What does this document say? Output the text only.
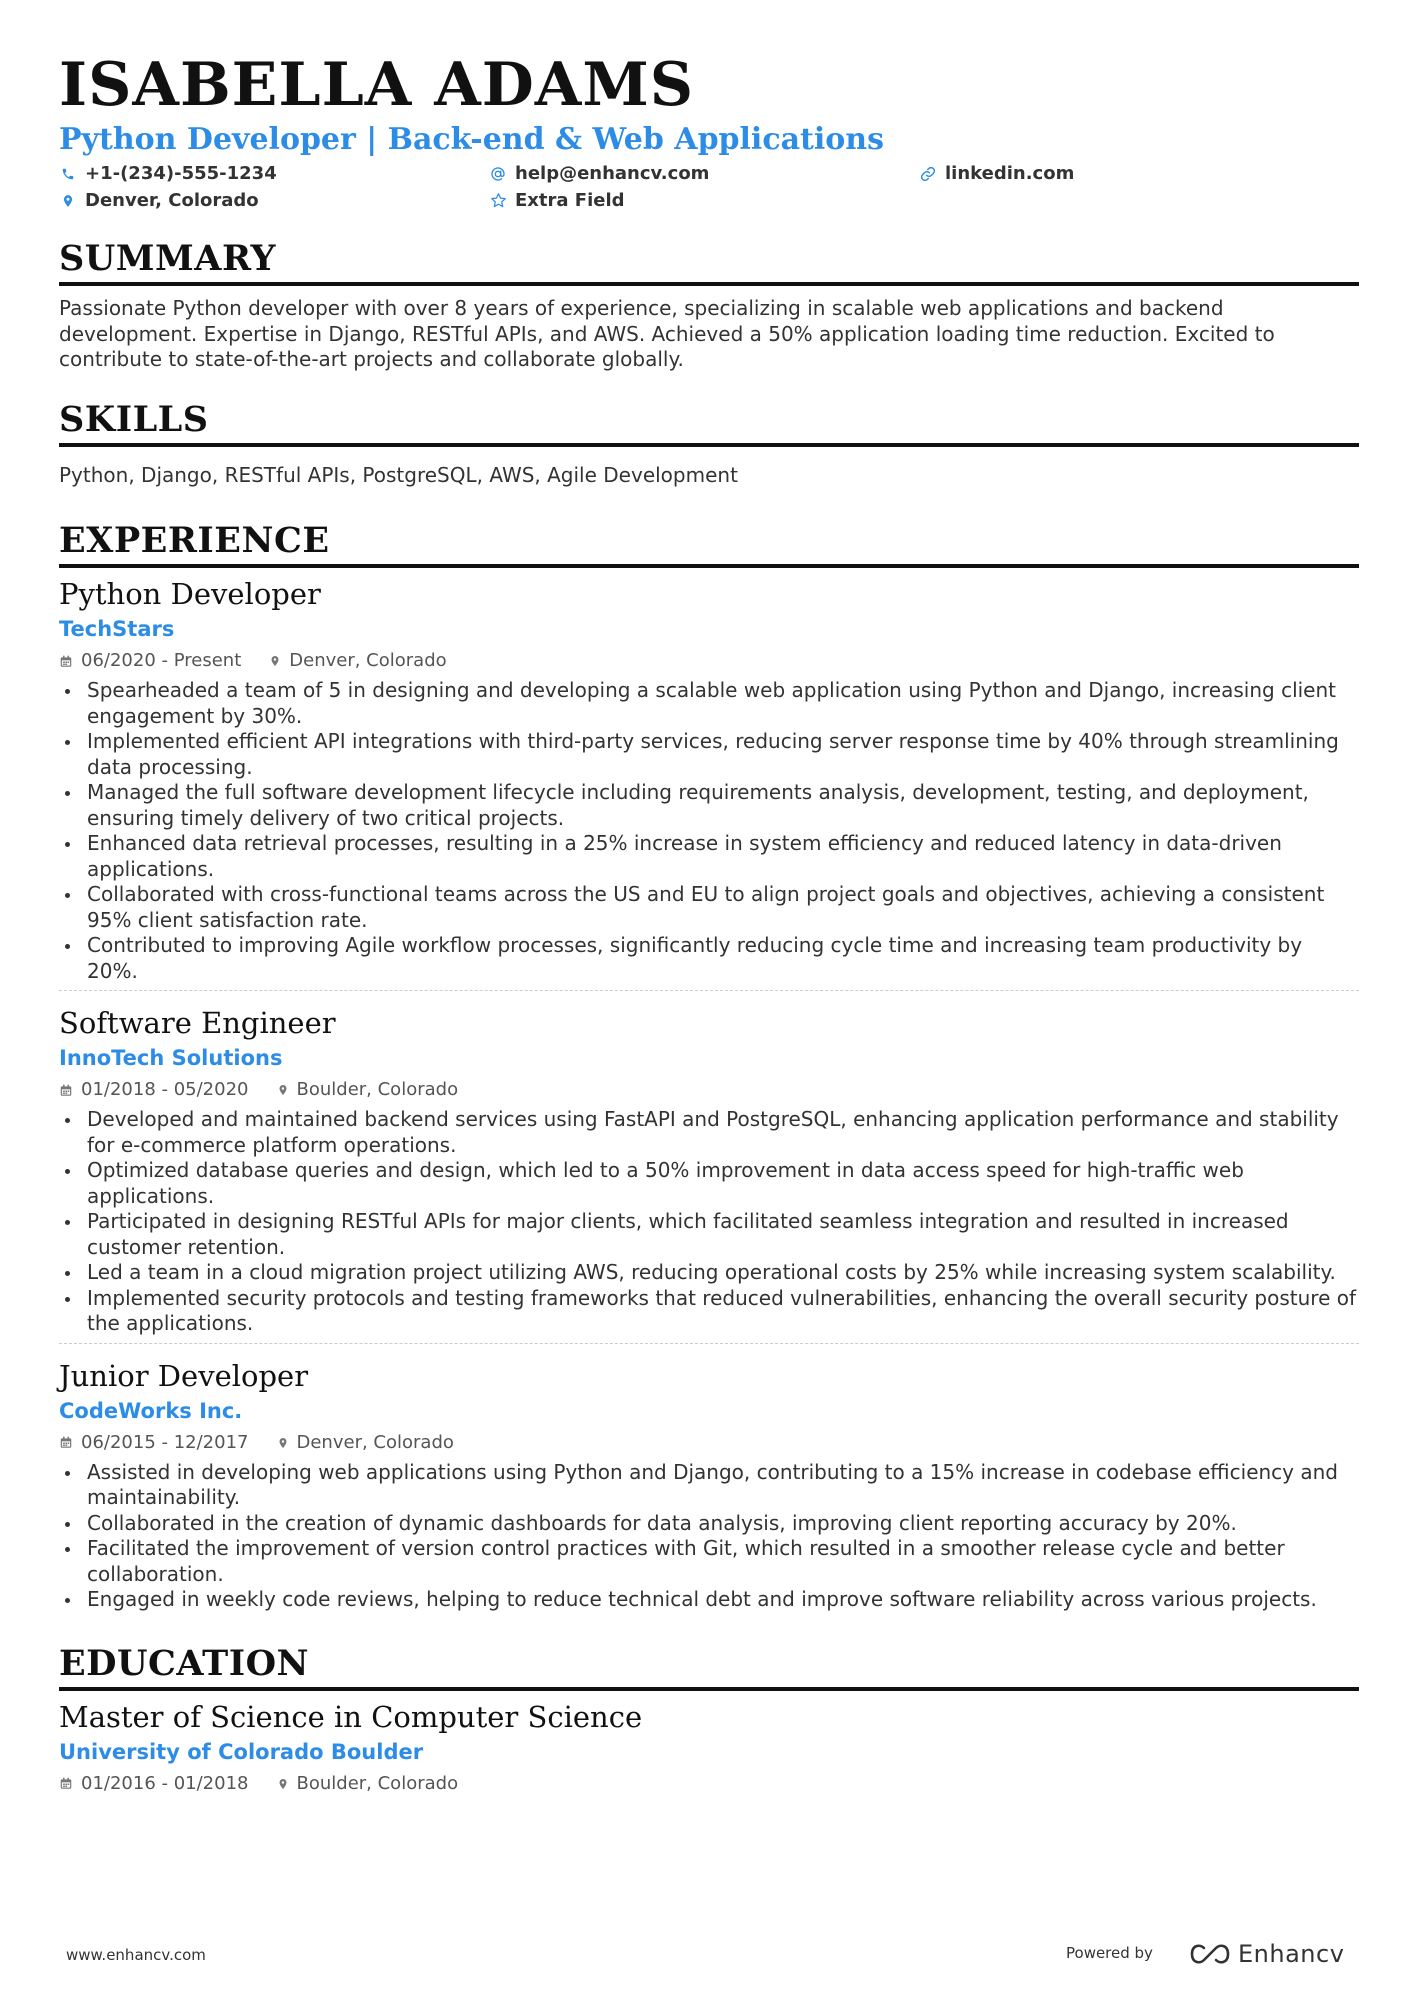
ISABELLA ADAMS
Python Developer | Back-end & Web Applications
+1-(234)-555-1234	help@enhancv.com	linkedin.com
Denver, Colorado	Extra Field
SUMMARY
Passionate Python developer with over 8 years of experience, specializing in scalable web applications and backend development. Expertise in Django, RESTful APIs, and AWS. Achieved a 50% application loading time reduction. Excited to contribute to state-of-the-art projects and collaborate globally.
SKILLS
Python, Django, RESTful APIs, PostgreSQL, AWS, Agile Development
EXPERIENCE
Python Developer
TechStars
06/2020 - Present	Denver, Colorado
Spearheaded a team of 5 in designing and developing a scalable web application using Python and Django, increasing client engagement by 30%.
Implemented efficient API integrations with third-party services, reducing server response time by 40% through streamlining data processing.
Managed the full software development lifecycle including requirements analysis, development, testing, and deployment, ensuring timely delivery of two critical projects.
Enhanced data retrieval processes, resulting in a 25% increase in system efficiency and reduced latency in data-driven applications.
Collaborated with cross-functional teams across the US and EU to align project goals and objectives, achieving a consistent 95% client satisfaction rate.
Contributed to improving Agile workflow processes, significantly reducing cycle time and increasing team productivity by 20%.
Software Engineer
InnoTech Solutions
01/2018 - 05/2020	Boulder, Colorado
Developed and maintained backend services using FastAPI and PostgreSQL, enhancing application performance and stability for e-commerce platform operations.
Optimized database queries and design, which led to a 50% improvement in data access speed for high-traffic web applications.
Participated in designing RESTful APIs for major clients, which facilitated seamless integration and resulted in increased customer retention.
Led a team in a cloud migration project utilizing AWS, reducing operational costs by 25% while increasing system scalability.
Implemented security protocols and testing frameworks that reduced vulnerabilities, enhancing the overall security posture of the applications.
Junior Developer
CodeWorks Inc.
06/2015 - 12/2017	Denver, Colorado
Assisted in developing web applications using Python and Django, contributing to a 15% increase in codebase efficiency and maintainability.
Collaborated in the creation of dynamic dashboards for data analysis, improving client reporting accuracy by 20%.
Facilitated the improvement of version control practices with Git, which resulted in a smoother release cycle and better collaboration.
Engaged in weekly code reviews, helping to reduce technical debt and improve software reliability across various projects.
EDUCATION
Master of Science in Computer Science
University of Colorado Boulder
01/2016 - 01/2018	Boulder, Colorado
www.enhancv.com	Powered by	Enhancv
